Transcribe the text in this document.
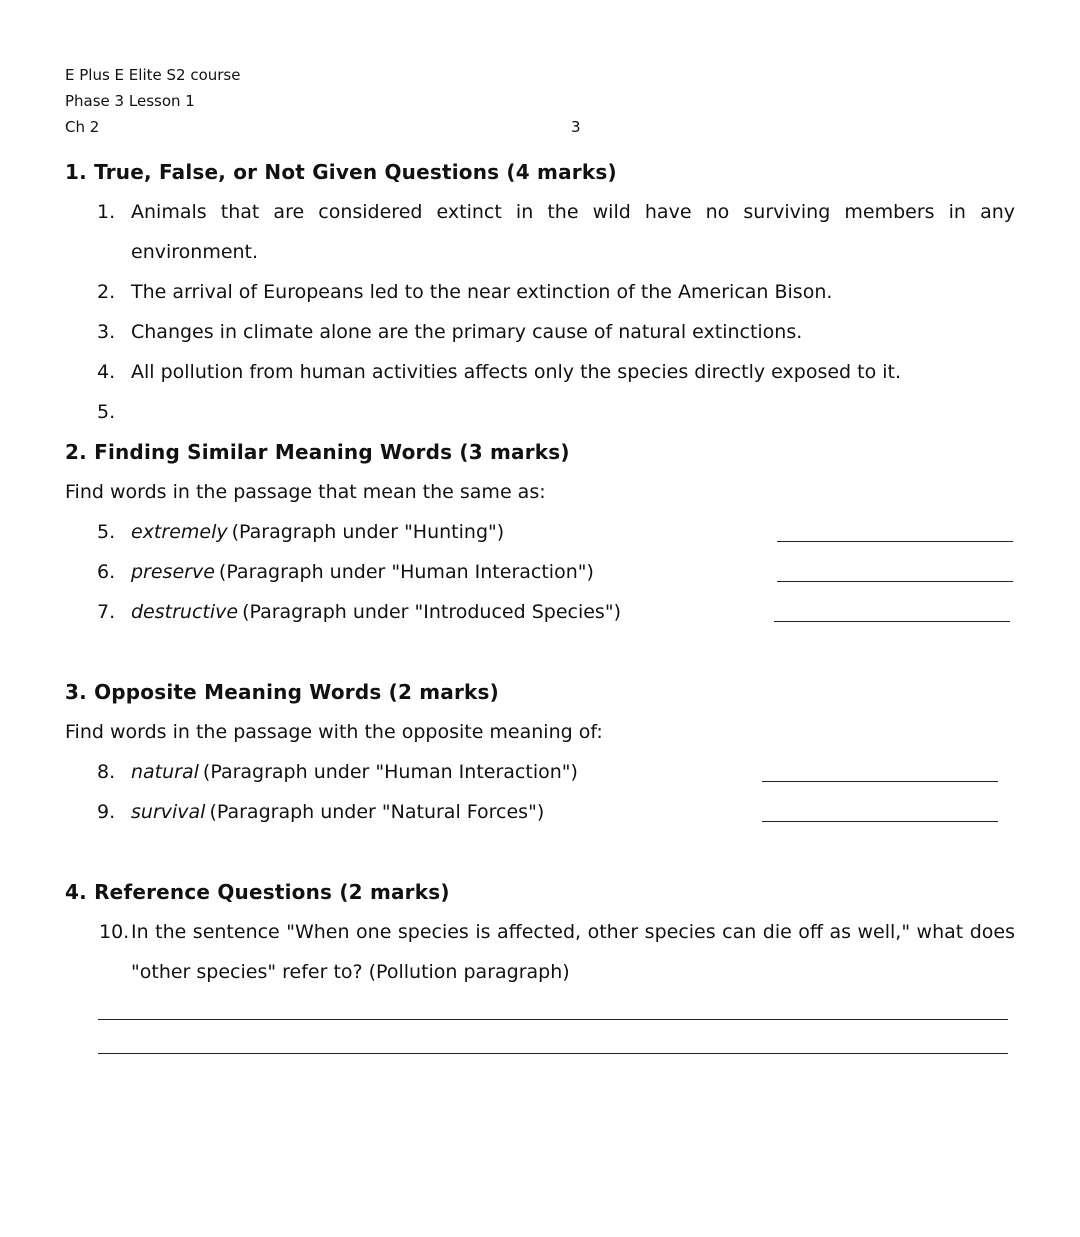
E Plus E Elite S2 course
Phase 3 Lesson 1
Ch 2	3
1. True, False, or Not Given Questions (4 marks)
1. Animals that are considered extinct in the wild have no surviving members in any environment.
2. The arrival of Europeans led to the near extinction of the American Bison.
3. Changes in climate alone are the primary cause of natural extinctions.
4. All pollution from human activities affects only the species directly exposed to it.
5.
2. Finding Similar Meaning Words (3 marks)
Find words in the passage that mean the same as:
5. extremely (Paragraph under "Hunting")
6. preserve (Paragraph under "Human Interaction")
7. destructive (Paragraph under "Introduced Species")
3. Opposite Meaning Words (2 marks)
Find words in the passage with the opposite meaning of:
8. natural (Paragraph under "Human Interaction")
9. survival (Paragraph under "Natural Forces")
4. Reference Questions (2 marks)
10. In the sentence "When one species is affected, other species can die off as well," what does "other species" refer to? (Pollution paragraph)
